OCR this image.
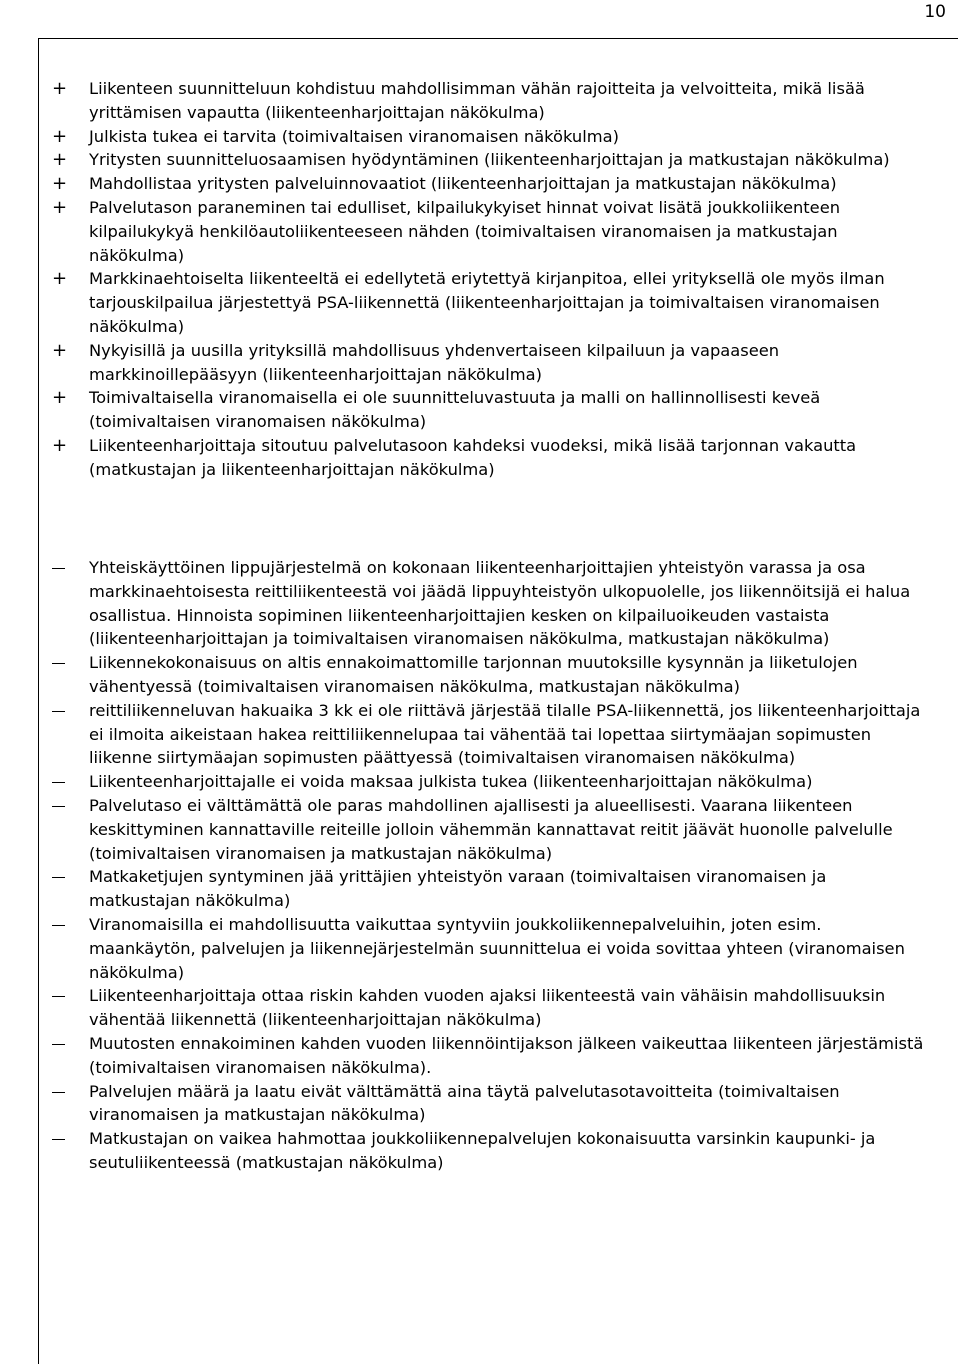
10
+ Liikenteen suunnitteluun kohdistuu mahdollisimman vähän rajoitteita ja velvoitteita, mikä lisää yrittämisen vapautta (liikenteenharjoittajan näkökulma)
+ Julkista tukea ei tarvita (toimivaltaisen viranomaisen näkökulma)
+ Yritysten suunnitteluosaamisen hyödyntäminen (liikenteenharjoittajan ja matkustajan näkökulma)
+ Mahdollistaa yritysten palveluinnovaatiot (liikenteenharjoittajan ja matkustajan näkökulma)
+ Palvelutason paraneminen tai edulliset, kilpailukykyiset hinnat voivat lisätä joukkoliikenteen kilpailukykyä henkilöautoliikenteeseen nähden (toimivaltaisen viranomaisen ja matkustajan näkökulma)
+ Markkinaehtoiselta liikenteeltä ei edellytetä eriytettyä kirjanpitoa, ellei yrityksellä ole myös ilman tarjouskilpailua järjestettyä PSA-liikennettä (liikenteenharjoittajan ja toimivaltaisen viranomaisen näkökulma)
+ Nykyisillä ja uusilla yrityksillä mahdollisuus yhdenvertaiseen kilpailuun ja vapaaseen markkinoillepääsyyn (liikenteenharjoittajan näkökulma)
+ Toimivaltaisella viranomaisella ei ole suunnitteluvastuuta ja malli on hallinnollisesti keveä (toimivaltaisen viranomaisen näkökulma)
+ Liikenteenharjoittaja sitoutuu palvelutasoon kahdeksi vuodeksi, mikä lisää tarjonnan vakautta (matkustajan ja liikenteenharjoittajan näkökulma)
Yhteiskäyttöinen lippujärjestelmä on kokonaan liikenteenharjoittajien yhteistyön varassa ja osa markkinaehtoisesta reittiliikenteestä voi jäädä lippuyhteistyön ulkopuolelle, jos liikennöitsijä ei halua osallistua. Hinnoista sopiminen liikenteenharjoittajien kesken on kilpailuoikeuden vastaista (liikenteenharjoittajan ja toimivaltaisen viranomaisen näkökulma, matkustajan näkökulma)
Liikennekokonaisuus on altis ennakoimattomille tarjonnan muutoksille kysynnän ja liiketulojen vähentyessä (toimivaltaisen viranomaisen näkökulma, matkustajan näkökulma)
reittiliikenneluvan hakuaika 3 kk ei ole riittävä järjestää tilalle PSA-liikennettä, jos liikenteenharjoittaja ei ilmoita aikeistaan hakea reittiliikennelupaa tai vähentää tai lopettaa siirtymäajan sopimusten liikenne siirtymäajan sopimusten päättyessä (toimivaltaisen viranomaisen näkökulma)
Liikenteenharjoittajalle ei voida maksaa julkista tukea (liikenteenharjoittajan näkökulma)
Palvelutaso ei välttämättä ole paras mahdollinen ajallisesti ja alueellisesti. Vaarana liikenteen keskittyminen kannattaville reiteille jolloin vähemmän kannattavat reitit jäävät huonolle palvelulle (toimivaltaisen viranomaisen ja matkustajan näkökulma)
Matkaketjujen syntyminen jää yrittäjien yhteistyön varaan (toimivaltaisen viranomaisen ja matkustajan näkökulma)
Viranomaisilla ei mahdollisuutta vaikuttaa syntyviin joukkoliikennepalveluihin, joten esim. maankäytön, palvelujen ja liikennejärjestelmän suunnittelua ei voida sovittaa yhteen (viranomaisen näkökulma)
Liikenteenharjoittaja ottaa riskin kahden vuoden ajaksi liikenteestä vain vähäisin mahdollisuuksin vähentää liikennettä (liikenteenharjoittajan näkökulma)
Muutosten ennakoiminen kahden vuoden liikennöintijakson jälkeen vaikeuttaa liikenteen järjestämistä (toimivaltaisen viranomaisen näkökulma).
Palvelujen määrä ja laatu eivät välttämättä aina täytä palvelutasotavoitteita (toimivaltaisen viranomaisen ja matkustajan näkökulma)
Matkustajan on vaikea hahmottaa joukkoliikennepalvelujen kokonaisuutta varsinkin kaupunki- ja seutuliikenteessä (matkustajan näkökulma)
